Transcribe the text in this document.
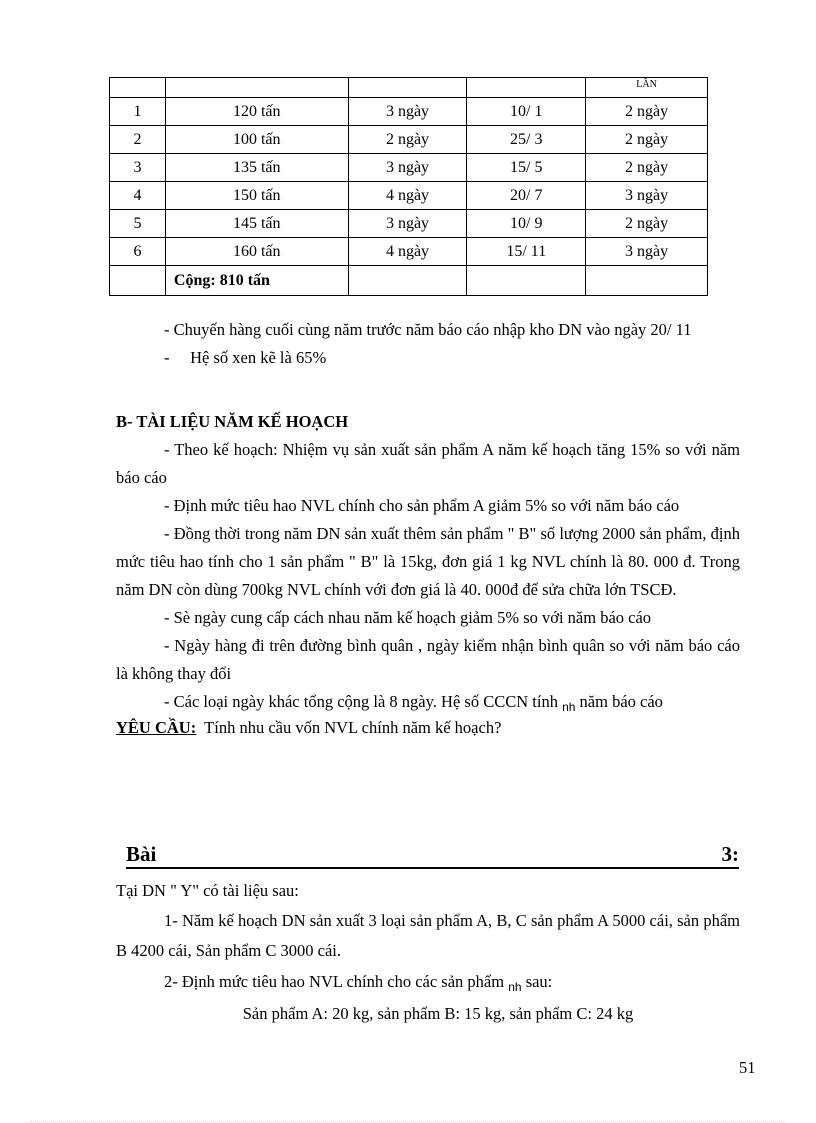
				LẦN
1	120 tấn	3 ngày	10/ 1	2 ngày
2	100 tấn	2 ngày	25/ 3	2 ngày
3	135 tấn	3 ngày	15/ 5	2 ngày
4	150 tấn	4 ngày	20/ 7	3 ngày
5	145 tấn	3 ngày	10/ 9	2 ngày
6	160 tấn	4 ngày	15/ 11	3 ngày
	Cộng: 810 tấn			

- Chuyến hàng cuối cùng năm trước năm báo cáo nhập kho DN vào ngày 20/ 11

-     Hệ số xen kẽ là 65%

B- TÀI LIỆU NĂM KẾ HOẠCH

- Theo kế hoạch: Nhiệm vụ sản xuất sản phẩm A năm kế hoạch tăng 15% so với năm báo cáo

- Định mức tiêu hao NVL chính cho sản phẩm A giảm 5% so với năm báo cáo

- Đồng thời trong năm DN sản xuất thêm sản phẩm " B" số lượng 2000 sản phẩm, định mức tiêu hao tính cho 1 sản phẩm " B" là 15kg, đơn giá 1 kg NVL chính là 80. 000 đ. Trong năm DN còn dùng 700kg NVL chính với đơn giá là 40. 000đ để sửa chữa lớn TSCĐ.

- Sè ngày cung cấp cách nhau năm kế hoạch giảm 5% so với năm báo cáo

- Ngày hàng đi trên đường bình quân , ngày kiểm nhận bình quân so với năm báo cáo là không thay đổi

- Các loại ngày khác tổng cộng là 8 ngày. Hệ số CCCN tính $_{nh}$ năm báo cáo

YÊU CẦU: Tính nhu cầu vốn NVL chính năm kế hoạch?

Bài	3:

Tại DN " Y" có tài liệu sau:

1- Năm kế hoạch DN sản xuất 3 loại sản phẩm A, B, C sản phẩm A 5000 cái, sản phẩm B 4200 cái, Sản phẩm C 3000 cái.

2- Định mức tiêu hao NVL chính cho các sản phẩm $_{nh}$ sau:

Sản phẩm A: 20 kg, sản phẩm B: 15 kg, sản phẩm C: 24 kg

51
